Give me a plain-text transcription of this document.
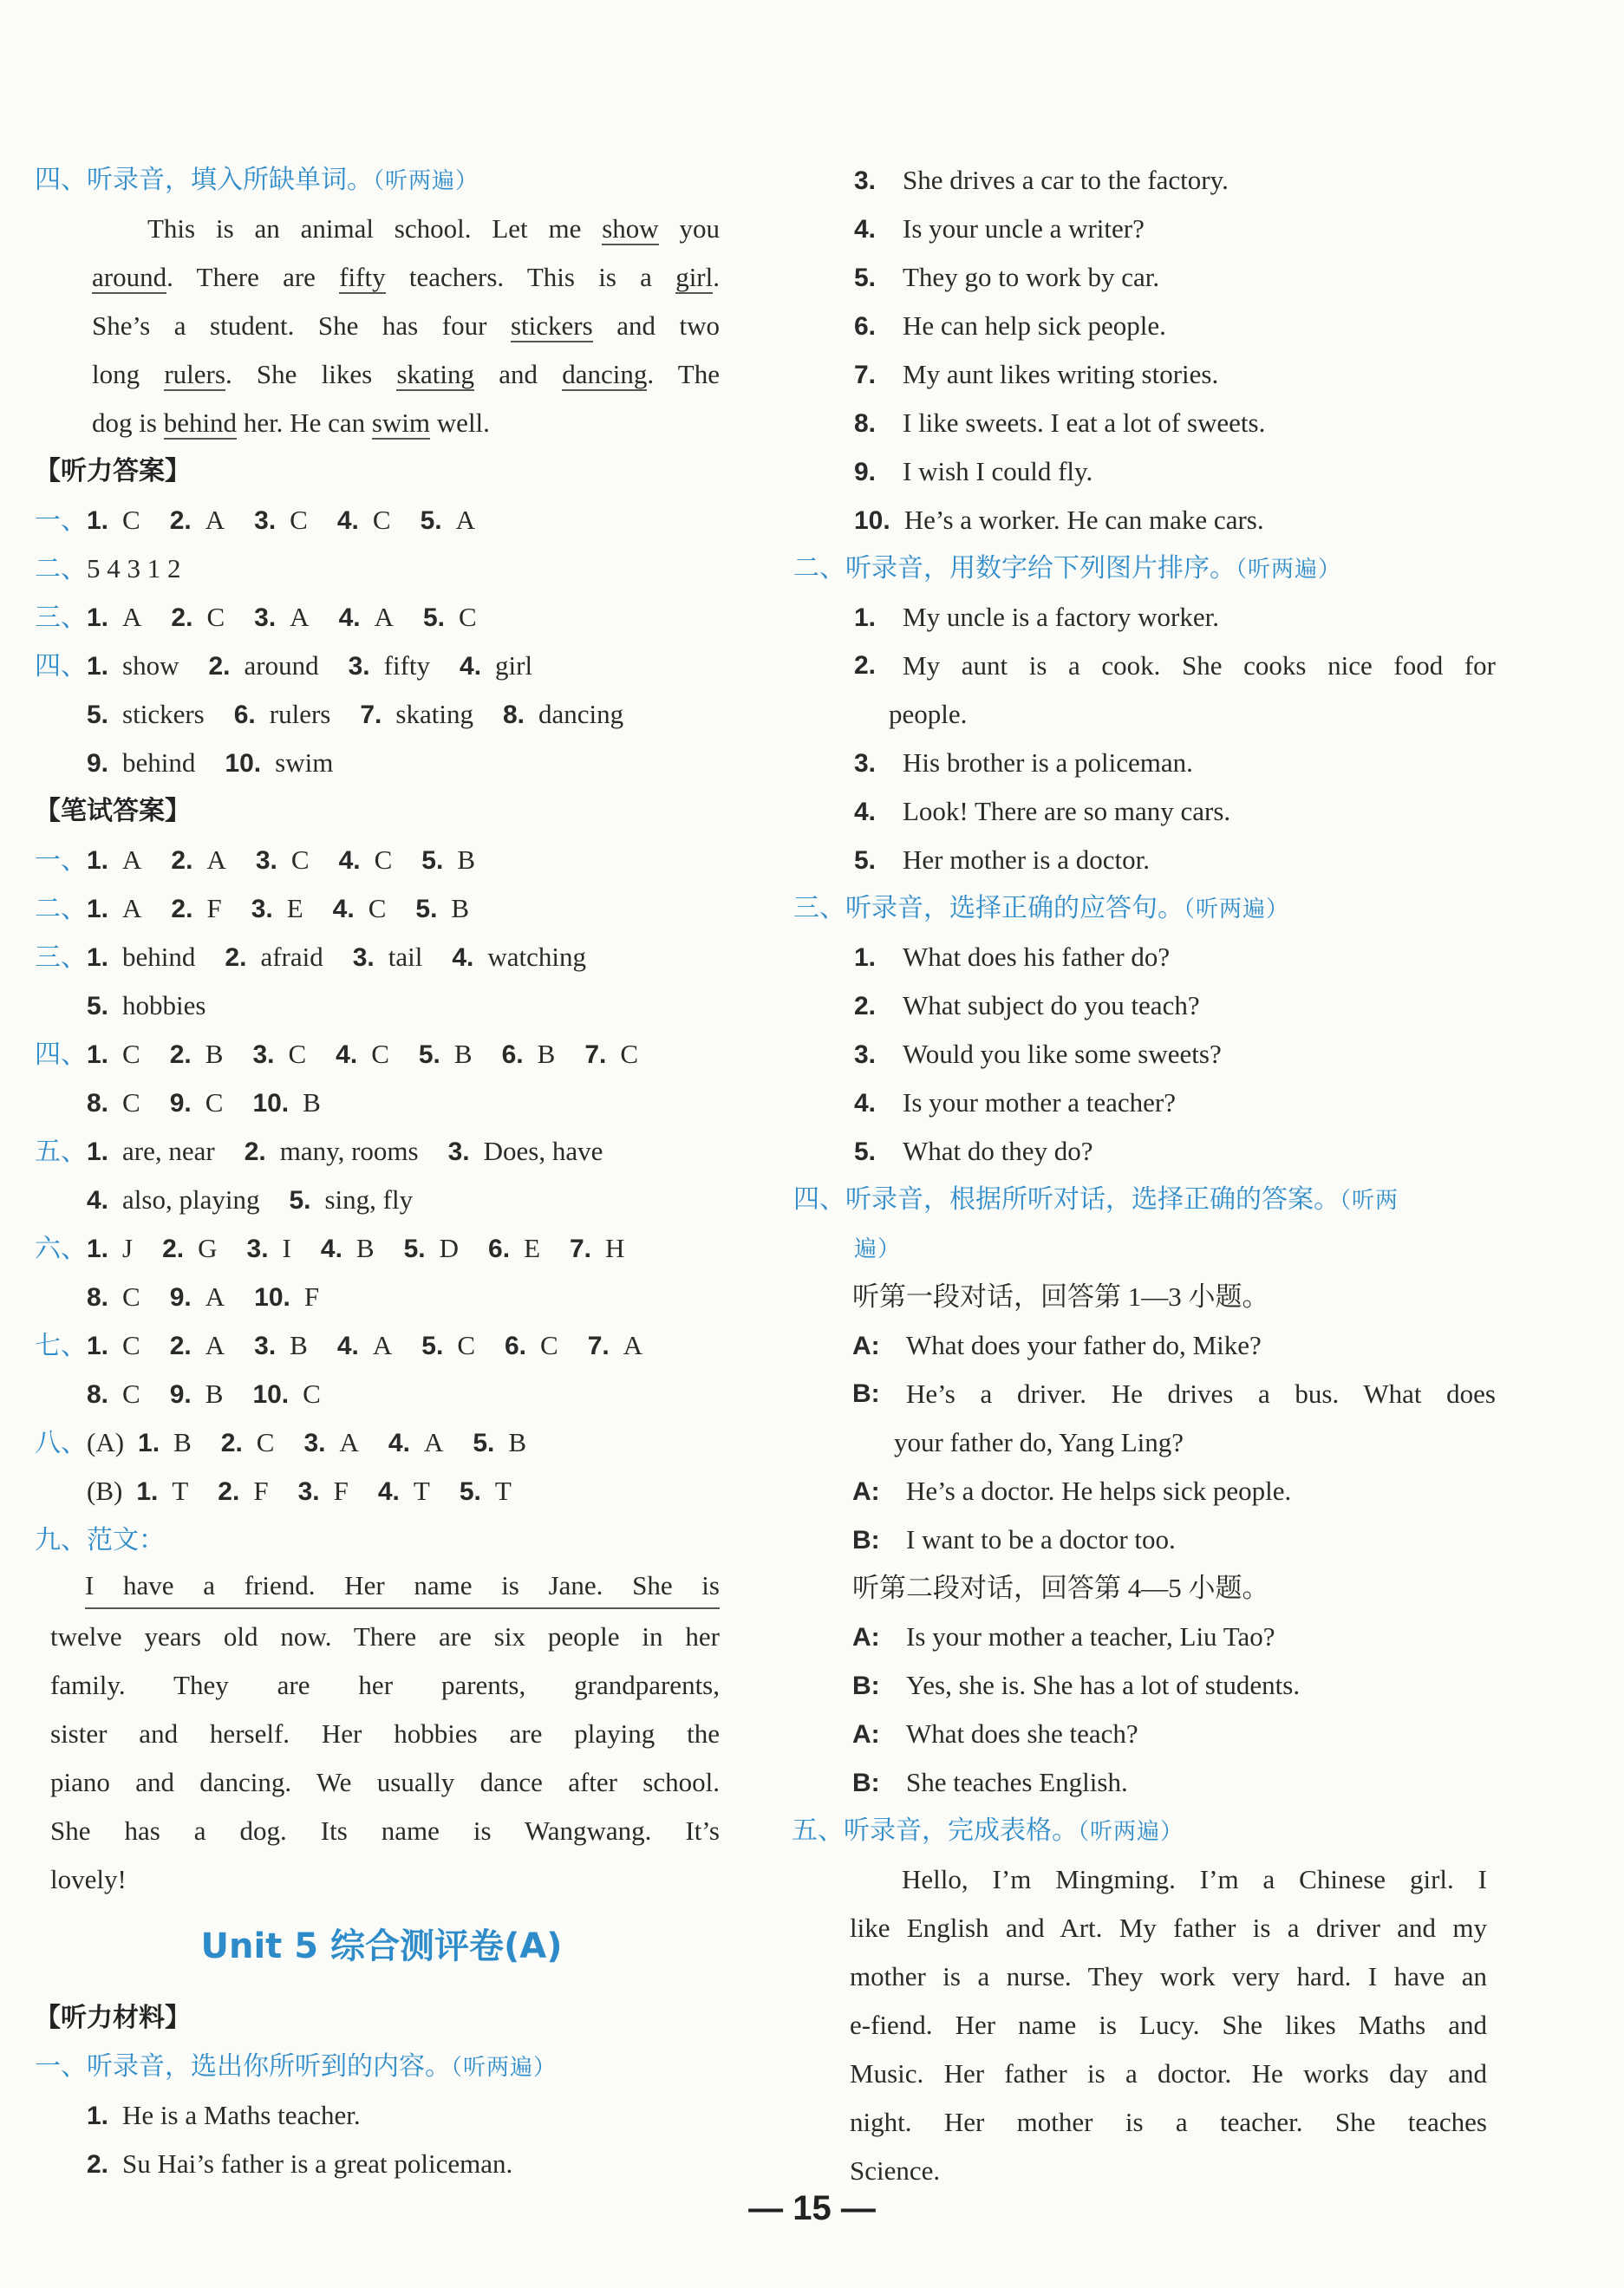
四、听录音，填入所缺单词。（听两遍）
This is an animal school. Let me show you
around. There are fifty teachers. This is a girl.
She’s a student. She has four stickers and two
long rulers. She likes skating and dancing. The
dog is behind her. He can swim well.
【听力答案】
一、1. C 2. A 3. C 4. C 5. A
二、5 4 3 1 2
三、1. A 2. C 3. A 4. A 5. C
四、1. show 2. around 3. fifty 4. girl
5. stickers 6. rulers 7. skating 8. dancing
9. behind 10. swim
【笔试答案】
一、1. A 2. A 3. C 4. C 5. B
二、1. A 2. F 3. E 4. C 5. B
三、1. behind 2. afraid 3. tail 4. watching
5. hobbies
四、1. C 2. B 3. C 4. C 5. B 6. B 7. C
8. C 9. C 10. B
五、1. are, near 2. many, rooms 3. Does, have
4. also, playing 5. sing, fly
六、1. J 2. G 3. I 4. B 5. D 6. E 7. H
8. C 9. A 10. F
七、1. C 2. A 3. B 4. A 5. C 6. C 7. A
8. C 9. B 10. C
八、(A) 1. B 2. C 3. A 4. A 5. B
(B) 1. T 2. F 3. F 4. T 5. T
九、范文：
I have a friend. Her name is Jane. She is
twelve years old now. There are six people in her
family. They are her parents, grandparents,
sister and herself. Her hobbies are playing the
piano and dancing. We usually dance after school.
She has a dog. Its name is Wangwang. It’s
lovely!
Unit 5 综合测评卷(A)
【听力材料】
一、听录音，选出你所听到的内容。（听两遍）
1. He is a Maths teacher.
2. Su Hai’s father is a great policeman.
3. She drives a car to the factory.
4. Is your uncle a writer?
5. They go to work by car.
6. He can help sick people.
7. My aunt likes writing stories.
8. I like sweets. I eat a lot of sweets.
9. I wish I could fly.
10. He’s a worker. He can make cars.
二、听录音，用数字给下列图片排序。（听两遍）
1. My uncle is a factory worker.
2. My aunt is a cook. She cooks nice food for
people.
3. His brother is a policeman.
4. Look! There are so many cars.
5. Her mother is a doctor.
三、听录音，选择正确的应答句。（听两遍）
1. What does his father do?
2. What subject do you teach?
3. Would you like some sweets?
4. Is your mother a teacher?
5. What do they do?
四、听录音，根据所听对话，选择正确的答案。（听两
遍）
听第一段对话，回答第 1—3 小题。
A: What does your father do, Mike?
B: He’s a driver. He drives a bus. What does
your father do, Yang Ling?
A: He’s a doctor. He helps sick people.
B: I want to be a doctor too.
听第二段对话，回答第 4—5 小题。
A: Is your mother a teacher, Liu Tao?
B: Yes, she is. She has a lot of students.
A: What does she teach?
B: She teaches English.
五、听录音，完成表格。（听两遍）
Hello, I’m Mingming. I’m a Chinese girl. I
like English and Art. My father is a driver and my
mother is a nurse. They work very hard. I have an
e-fiend. Her name is Lucy. She likes Maths and
Music. Her father is a doctor. He works day and
night. Her mother is a teacher. She teaches
Science.
— 15 —
